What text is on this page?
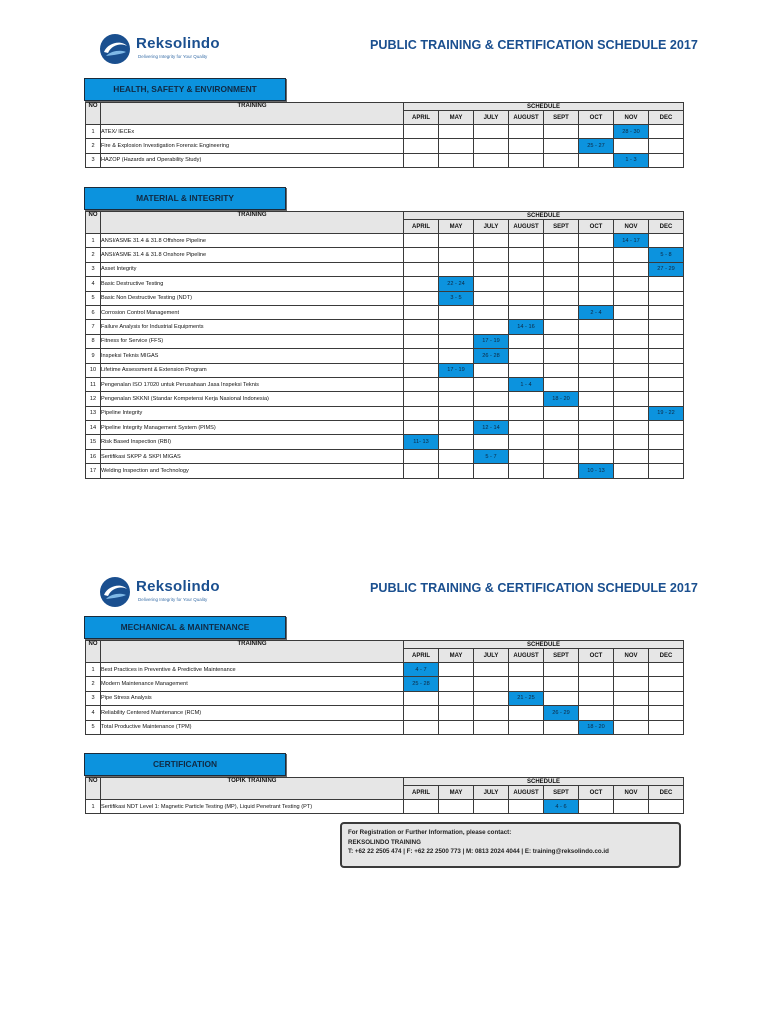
Reksolindo
Delivering Integrity for Your Quality
PUBLIC TRAINING & CERTIFICATION SCHEDULE 2017
HEALTH, SAFETY & ENVIRONMENT
NO	TRAINING	SCHEDULE							
		APRIL	MAY	JULY	AUGUST	SEPT	OCT	NOV	DEC
1	ATEX/ IECEx							28 - 30	
2	Fire & Explosion Investigation Forensic Engineering						25 - 27		
3	HAZOP (Hazards and Operability Study)							1 - 3	
MATERIAL & INTEGRITY
NO	TRAINING	SCHEDULE							
		APRIL	MAY	JULY	AUGUST	SEPT	OCT	NOV	DEC
1	ANSI/ASME 31.4 & 31.8 Offshore Pipeline							14 - 17	
2	ANSI/ASME 31.4 & 31.8 Onshore Pipeline								5 - 8
3	Asset Integrity								27 - 29
4	Basic Destructive Testing		22 - 24						
5	Basic Non Destructive Testing (NDT)		3 - 5						
6	Corrosion Control Management						2 - 4		
7	Failure Analysis for Industrial Equipments				14 - 16				
8	Fitness for Service (FFS)			17 - 19					
9	Inspeksi Teknis MIGAS			26 - 28					
10	Lifetime Assessment & Extension Program		17 - 19						
11	Pengenalan ISO 17020 untuk Perusahaan Jasa Inspeksi Teknis				1 - 4				
12	Pengenalan SKKNI (Standar Kompetensi Kerja Nasional Indonesia)					18 - 20			
13	Pipeline Integrity								19 - 22
14	Pipeline Integrity Management System (PIMS)			12 - 14					
15	Risk Based Inspection (RBI)	11- 13							
16	Sertifikasi SKPP & SKPI MIGAS			5 - 7					
17	Welding Inspection and Technology						10 - 13		
Reksolindo
Delivering Integrity for Your Quality
PUBLIC TRAINING & CERTIFICATION SCHEDULE 2017
MECHANICAL & MAINTENANCE
NO	TRAINING	SCHEDULE							
		APRIL	MAY	JULY	AUGUST	SEPT	OCT	NOV	DEC
1	Best Practices in Preventive & Predictive Maintenance	4 - 7							
2	Modern Maintenance Management	25 - 28							
3	Pipe Stress Analysis				21 - 25				
4	Reliability Centered Maintenance (RCM)					26 - 29			
5	Total Productive Maintenance (TPM)						18 - 20		
CERTIFICATION
NO	TOPIK TRAINING	SCHEDULE							
		APRIL	MAY	JULY	AUGUST	SEPT	OCT	NOV	DEC
1	Sertifikasi NDT Level 1: Magnetic Particle Testing (MP), Liquid Penetrant Testing (PT)					4 - 6			
For Registration or Further Information, please contact:
REKSOLINDO TRAINING
T: +62 22 2505 474 | F: +62 22 2500 773 | M: 0813 2024 4044 | E: training@reksolindo.co.id
